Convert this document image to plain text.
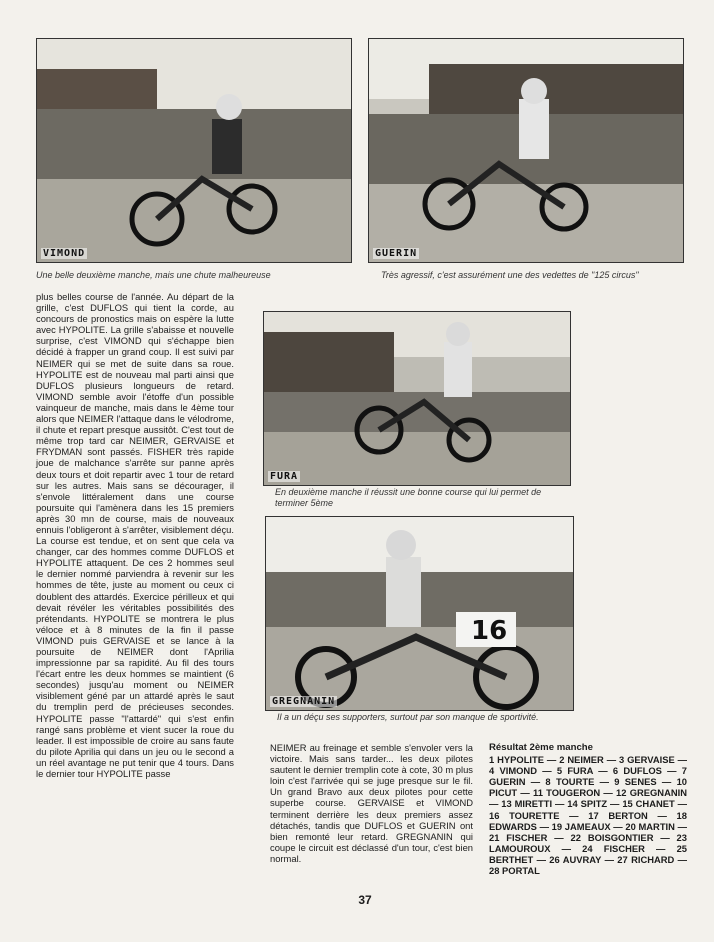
VIMOND
Une belle deuxième manche, mais une chute malheureuse
GUERIN
Très agressif, c'est assurément une des vedettes de "125 circus"
FURA
En deuxième manche il réussit une bonne course qui lui permet de terminer 5ème
16
GREGNANIN
Il a un déçu ses supporters, surtout par son manque de sportivité.

plus belles course de l'année. Au départ de la grille, c'est DUFLOS qui tient la corde, au concours de pronostics mais on espère la lutte avec HYPOLITE. La grille s'abaisse et nouvelle surprise, c'est VIMOND qui s'échappe bien décidé à frapper un grand coup. Il est suivi par NEIMER qui se met de suite dans sa roue. HYPOLITE est de nouveau mal parti ainsi que DUFLOS plusieurs longueurs de retard. VIMOND semble avoir l'étoffe d'un possible vainqueur de manche, mais dans le 4ème tour alors que NEIMER l'attaque dans le vélodrome, il chute et repart presque aussitôt. C'est tout de même trop tard car NEIMER, GERVAISE et FRYDMAN sont passés. FISHER très rapide joue de malchance s'arrête sur panne après deux tours et doit repartir avec 1 tour de retard sur les autres. Mais sans se décourager, il s'envole littéralement dans une course poursuite qui l'amènera dans les 15 premiers après 30 mn de course, mais de nouveaux ennuis l'obligeront à s'arrêter, visiblement déçu. La course est tendue, et on sent que cela va changer, car des hommes comme DUFLOS et HYPOLITE attaquent. De ces 2 hommes seul le dernier nommé parviendra à revenir sur les hommes de tête, juste au moment ou ceux ci doublent des attardés. Exercice périlleux et qui devait révéler les véritables possibilités des prétendants. HYPOLITE se montrera le plus véloce et à 8 minutes de la fin il passe VIMOND puis GERVAISE et se lance à la poursuite de NEIMER dont l'Aprilia impressionne par sa rapidité. Au fil des tours l'écart entre les deux hommes se maintient (6 secondes) jusqu'au moment ou NEIMER visiblement géné par un attardé après le saut du tremplin perd de précieuses secondes. HYPOLITE passe "l'attardé" qui s'est enfin rangé sans problème et vient sucer la roue du leader. Il est impossible de croire au sans faute du pilote Aprilia qui dans un jeu ou le second a un réel avantage ne put tenir que 4 tours. Dans le dernier tour HYPOLITE passe

NEIMER au freinage et semble s'envoler vers la victoire. Mais sans tarder... les deux pilotes sautent le dernier tremplin cote à cote, 30 m plus loin c'est l'arrivée qui se juge presque sur le fil. Un grand Bravo aux deux pilotes pour cette superbe course. GERVAISE et VIMOND terminent derrière les deux premiers assez détachés, tandis que DUFLOS et GUERIN ont bien remonté leur retard. GREGNANIN qui coupe le circuit est déclassé d'un tour, c'est bien normal.

Résultat 2ème manche

1 HYPOLITE — 2 NEIMER — 3 GERVAISE — 4 VIMOND — 5 FURA — 6 DUFLOS — 7 GUERIN — 8 TOURTE — 9 SENES — 10 PICUT — 11 TOUGERON — 12 GREGNANIN — 13 MIRETTI — 14 SPITZ — 15 CHANET — 16 TOURETTE — 17 BERTON — 18 EDWARDS — 19 JAMEAUX — 20 MARTIN — 21 FISCHER — 22 BOISGONTIER — 23 LAMOUROUX — 24 FISCHER — 25 BERTHET — 26 AUVRAY — 27 RICHARD — 28 PORTAL

37
